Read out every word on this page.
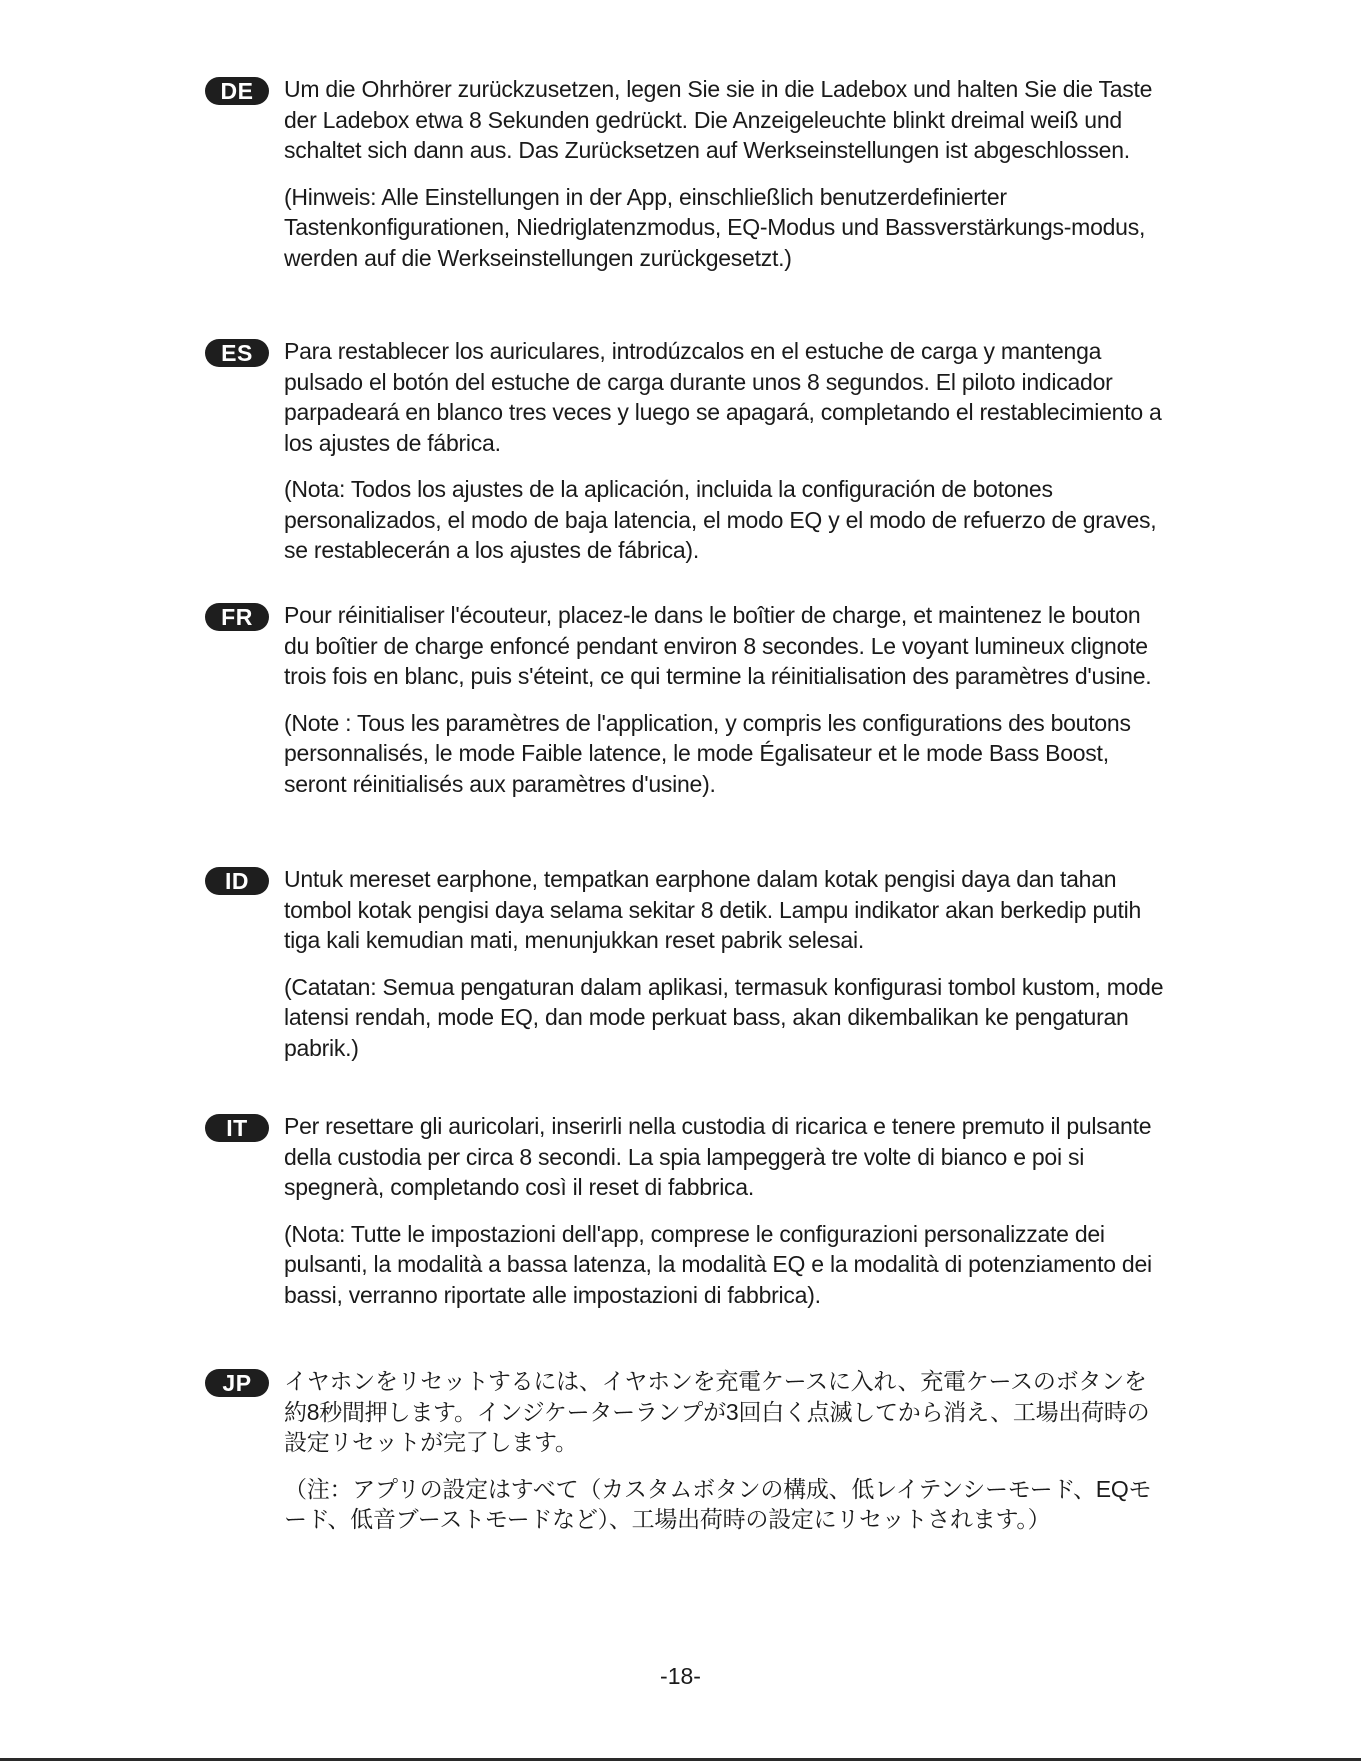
DE	Um die Ohrhörer zurückzusetzen, legen Sie sie in die Ladebox und halten Sie die Taste der Ladebox etwa 8 Sekunden gedrückt. Die Anzeigeleuchte blinkt dreimal weiß und schaltet sich dann aus. Das Zurücksetzen auf Werkseinstellungen ist abgeschlossen.

(Hinweis: Alle Einstellungen in der App, einschließlich benutzerdefinierter Tastenkonfigurationen, Niedriglatenzmodus, EQ-Modus und Bassverstärkungs-modus, werden auf die Werkseinstellungen zurückgesetzt.)

ES	Para restablecer los auriculares, introdúzcalos en el estuche de carga y mantenga pulsado el botón del estuche de carga durante unos 8 segundos. El piloto indicador parpadeará en blanco tres veces y luego se apagará, completando el restablecimiento a los ajustes de fábrica.

(Nota: Todos los ajustes de la aplicación, incluida la configuración de botones personalizados, el modo de baja latencia, el modo EQ y el modo de refuerzo de graves, se restablecerán a los ajustes de fábrica).

FR	Pour réinitialiser l'écouteur, placez-le dans le boîtier de charge, et maintenez le bouton du boîtier de charge enfoncé pendant environ 8 secondes. Le voyant lumineux clignote trois fois en blanc, puis s'éteint, ce qui termine la réinitialisation des paramètres d'usine.

(Note : Tous les paramètres de l'application, y compris les configurations des boutons personnalisés, le mode Faible latence, le mode Égalisateur et le mode Bass Boost, seront réinitialisés aux paramètres d'usine).

ID	Untuk mereset earphone, tempatkan earphone dalam kotak pengisi daya dan tahan tombol kotak pengisi daya selama sekitar 8 detik. Lampu indikator akan berkedip putih tiga kali kemudian mati, menunjukkan reset pabrik selesai.

(Catatan: Semua pengaturan dalam aplikasi, termasuk konfigurasi tombol kustom, mode latensi rendah, mode EQ, dan mode perkuat bass, akan dikembalikan ke pengaturan pabrik.)

IT	Per resettare gli auricolari, inserirli nella custodia di ricarica e tenere premuto il pulsante della custodia per circa 8 secondi. La spia lampeggerà tre volte di bianco e poi si spegnerà, completando così il reset di fabbrica.

(Nota: Tutte le impostazioni dell'app, comprese le configurazioni personalizzate dei pulsanti, la modalità a bassa latenza, la modalità EQ e la modalità di potenziamento dei bassi, verranno riportate alle impostazioni di fabbrica).

JP	イヤホンをリセットするには、イヤホンを充電ケースに入れ、充電ケースのボタンを約8秒間押します。インジケーターランプが3回白く点滅してから消え、工場出荷時の設定リセットが完了します。

（注：アプリの設定はすべて（カスタムボタンの構成、低レイテンシーモード、EQモード、低音ブーストモードなど）、工場出荷時の設定にリセットされます。）

-18-
